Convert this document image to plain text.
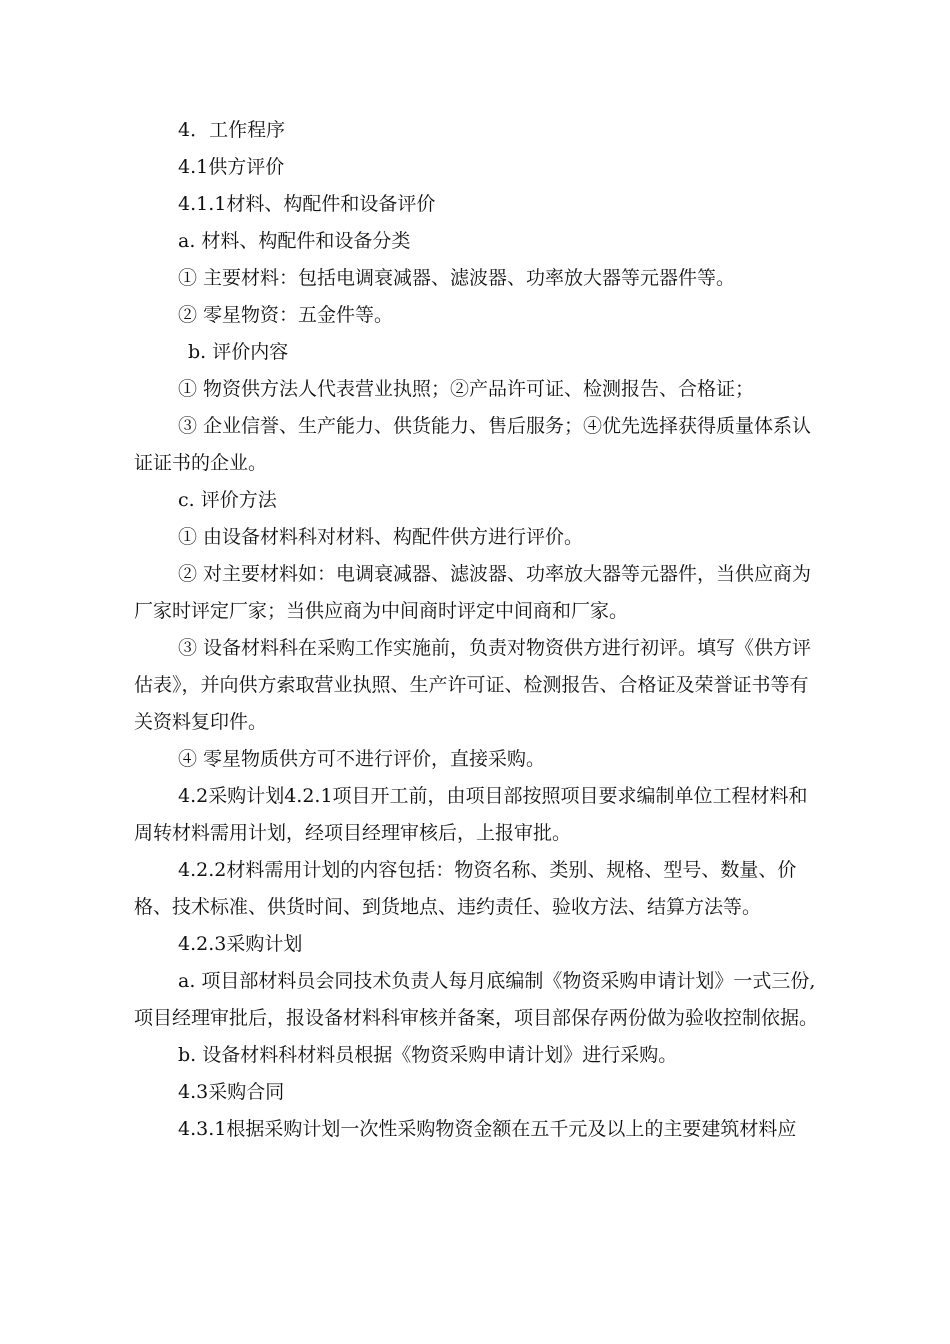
4．工作程序

4.1供方评价

4.1.1材料、构配件和设备评价

a. 材料、构配件和设备分类

① 主要材料：包括电调衰减器、滤波器、功率放大器等元器件等。

② 零星物资：五金件等。

b. 评价内容

① 物资供方法人代表营业执照；②产品许可证、检测报告、合格证；

③ 企业信誉、生产能力、供货能力、售后服务；④优先选择获得质量体系认证证书的企业。

c. 评价方法

① 由设备材料科对材料、构配件供方进行评价。

② 对主要材料如：电调衰减器、滤波器、功率放大器等元器件，当供应商为厂家时评定厂家；当供应商为中间商时评定中间商和厂家。

③ 设备材料科在采购工作实施前，负责对物资供方进行初评。填写《供方评估表》，并向供方索取营业执照、生产许可证、检测报告、合格证及荣誉证书等有关资料复印件。

④ 零星物质供方可不进行评价，直接采购。

4.2采购计划4.2.1项目开工前，由项目部按照项目要求编制单位工程材料和周转材料需用计划，经项目经理审核后，上报审批。

4.2.2材料需用计划的内容包括：物资名称、类别、规格、型号、数量、价格、技术标准、供货时间、到货地点、违约责任、验收方法、结算方法等。

4.2.3采购计划

a. 项目部材料员会同技术负责人每月底编制《物资采购申请计划》一式三份,项目经理审批后，报设备材料科审核并备案，项目部保存两份做为验收控制依据。

b. 设备材料科材料员根据《物资采购申请计划》进行采购。

4.3采购合同

4.3.1根据采购计划一次性采购物资金额在五千元及以上的主要建筑材料应
